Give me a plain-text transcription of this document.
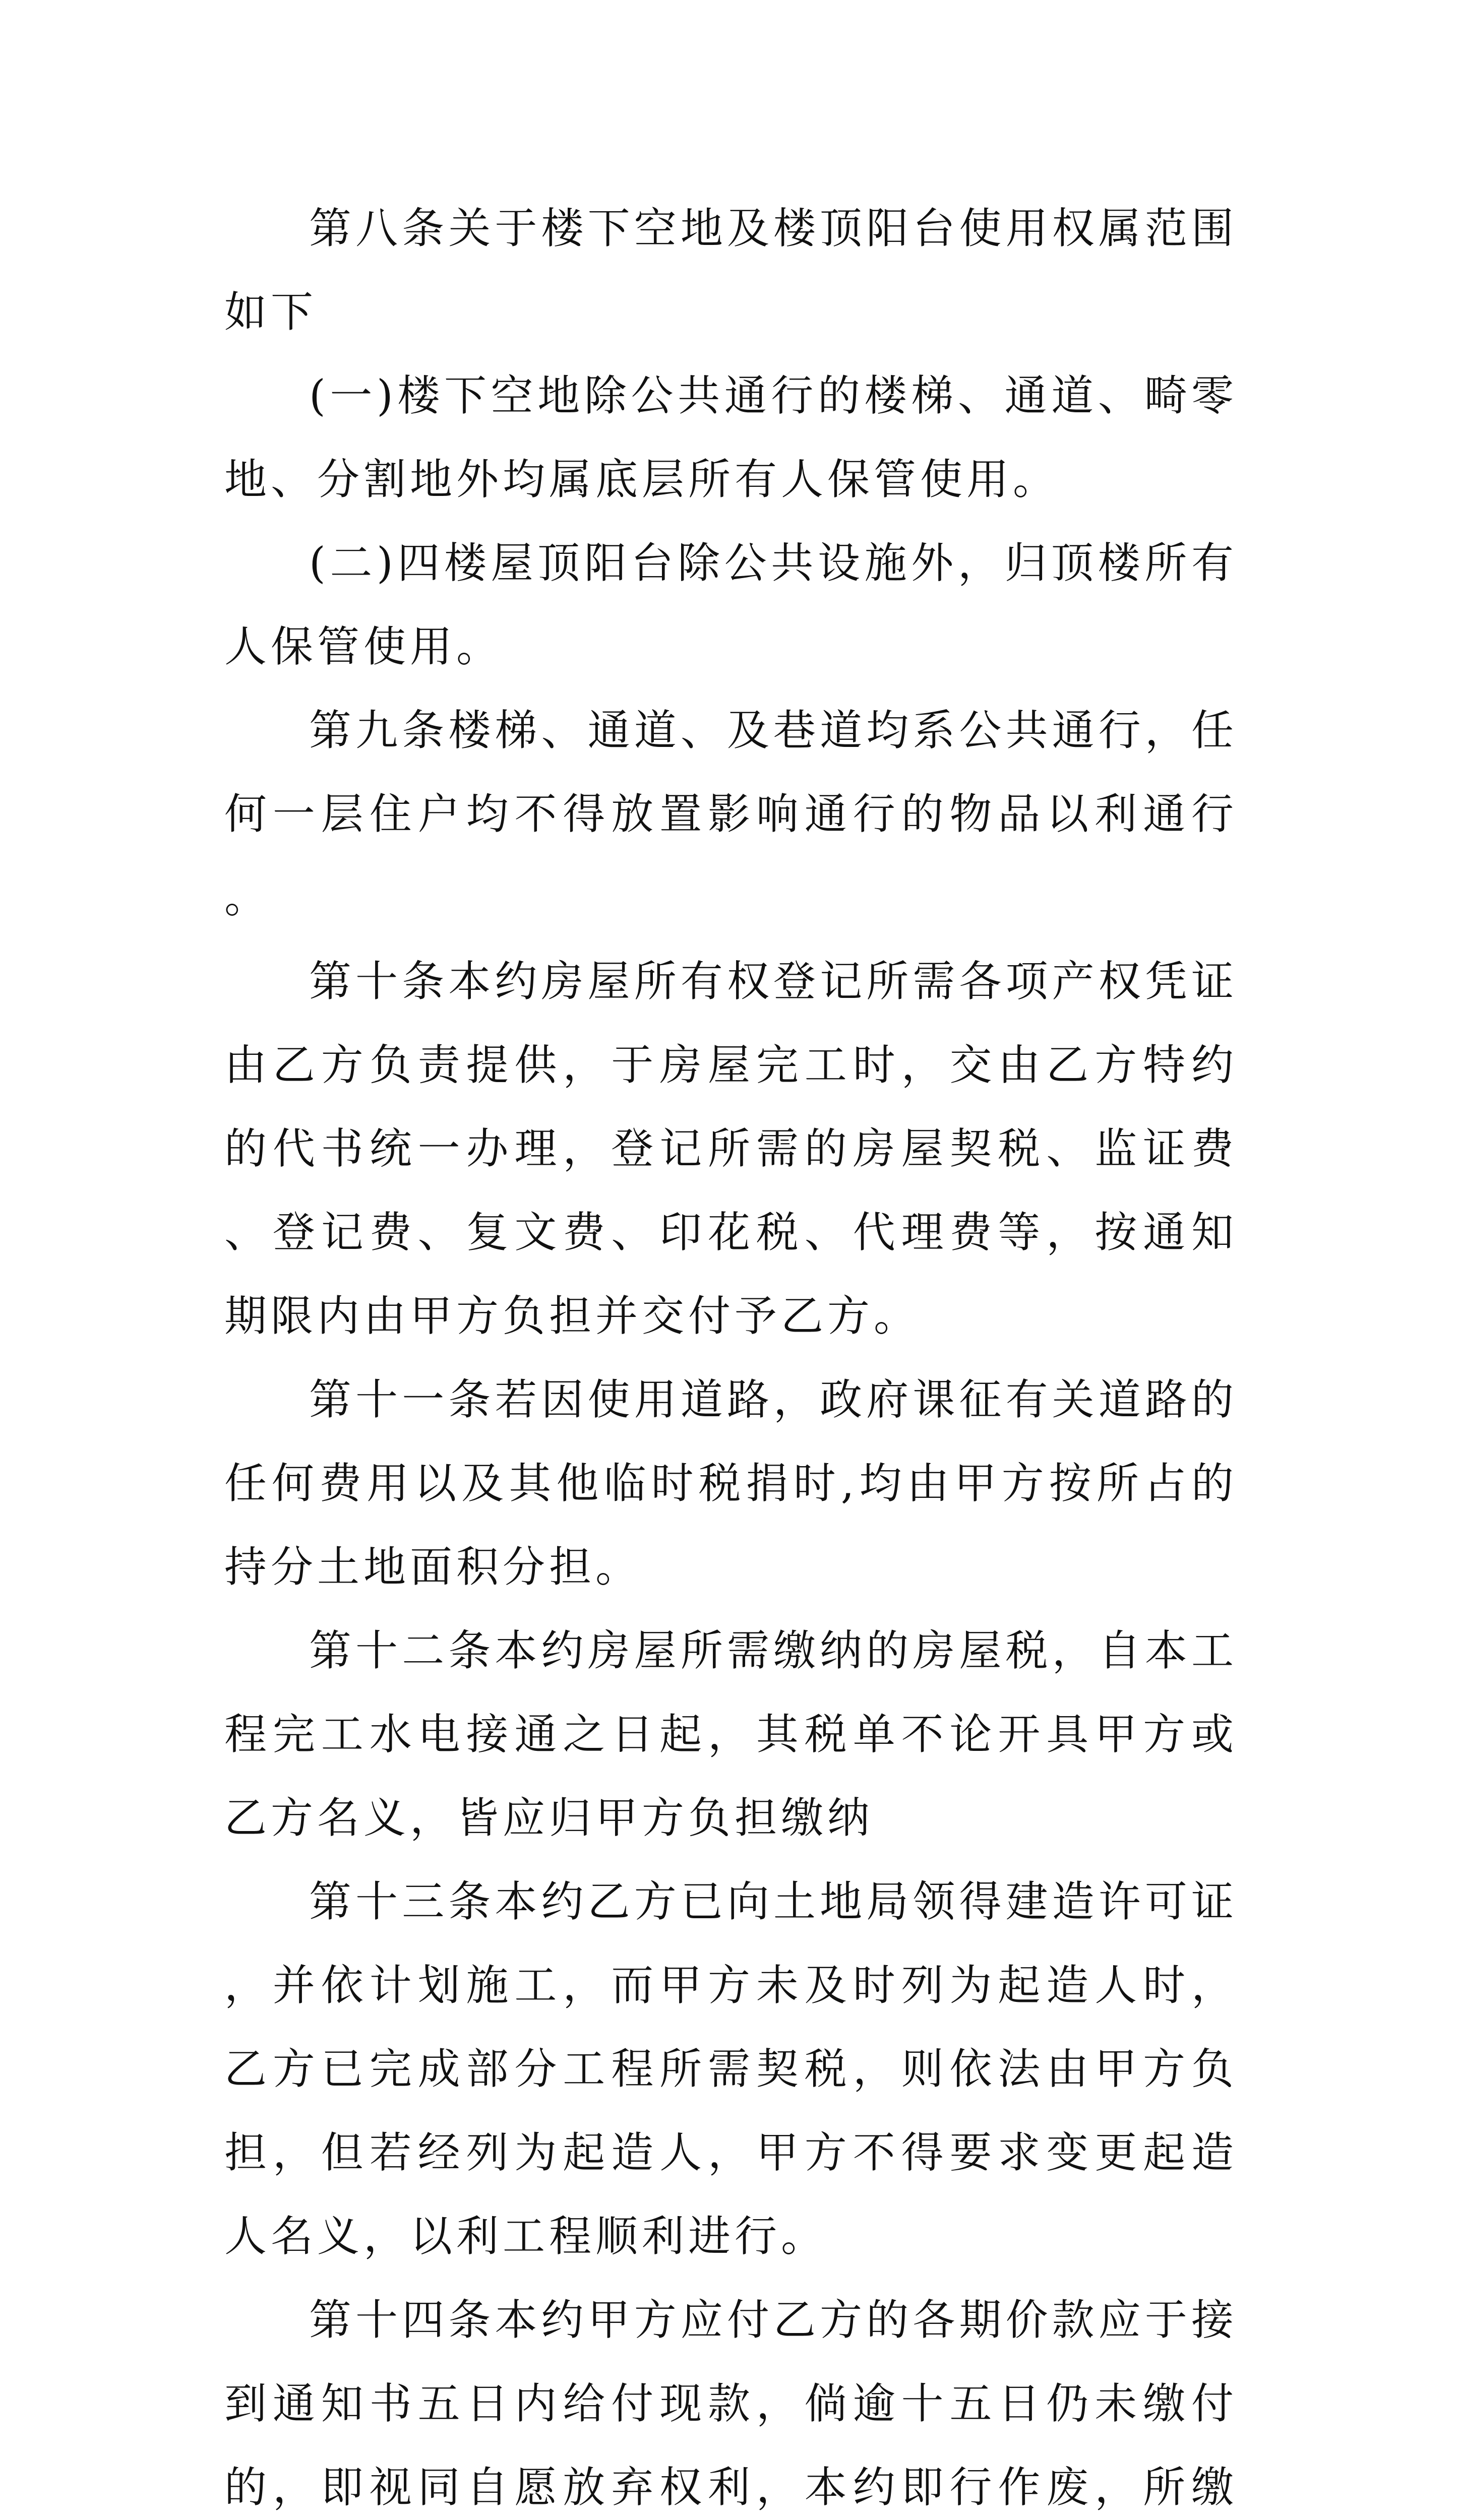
第八条关于楼下空地及楼顶阳台使用权属范围如下

(一)楼下空地除公共通行的楼梯、通道、畸零地、分割地外均属底层所有人保管使用。

(二)四楼屋顶阳台除公共设施外，归顶楼所有人保管使用。

第九条楼梯、通道、及巷道均系公共通行，任何一层住户均不得放置影响通行的物品以利通行。

第十条本约房屋所有权登记所需各项产权凭证由乙方负责提供，于房屋完工时，交由乙方特约的代书统一办理，登记所需的房屋契税、监证费、登记费、复文费、印花税、代理费等，按通知期限内由甲方负担并交付予乙方。

第十一条若因使用道路，政府课征有关道路的任何费用以及其他临时税捐时,均由甲方按所占的持分土地面积分担。

第十二条本约房屋所需缴纳的房屋税，自本工程完工水电接通之日起，其税单不论开具甲方或乙方名义，皆应归甲方负担缴纳

第十三条本约乙方已向土地局领得建造许可证，并依计划施工，而甲方未及时列为起造人时，乙方已完成部分工程所需契税，则依法由甲方负担，但若经列为起造人，甲方不得要求变更起造人名义，以利工程顺利进行。

第十四条本约甲方应付乙方的各期价款应于接到通知书五日内给付现款，倘逾十五日仍未缴付的，即视同自愿放弃权利，本约即行作废，所缴
